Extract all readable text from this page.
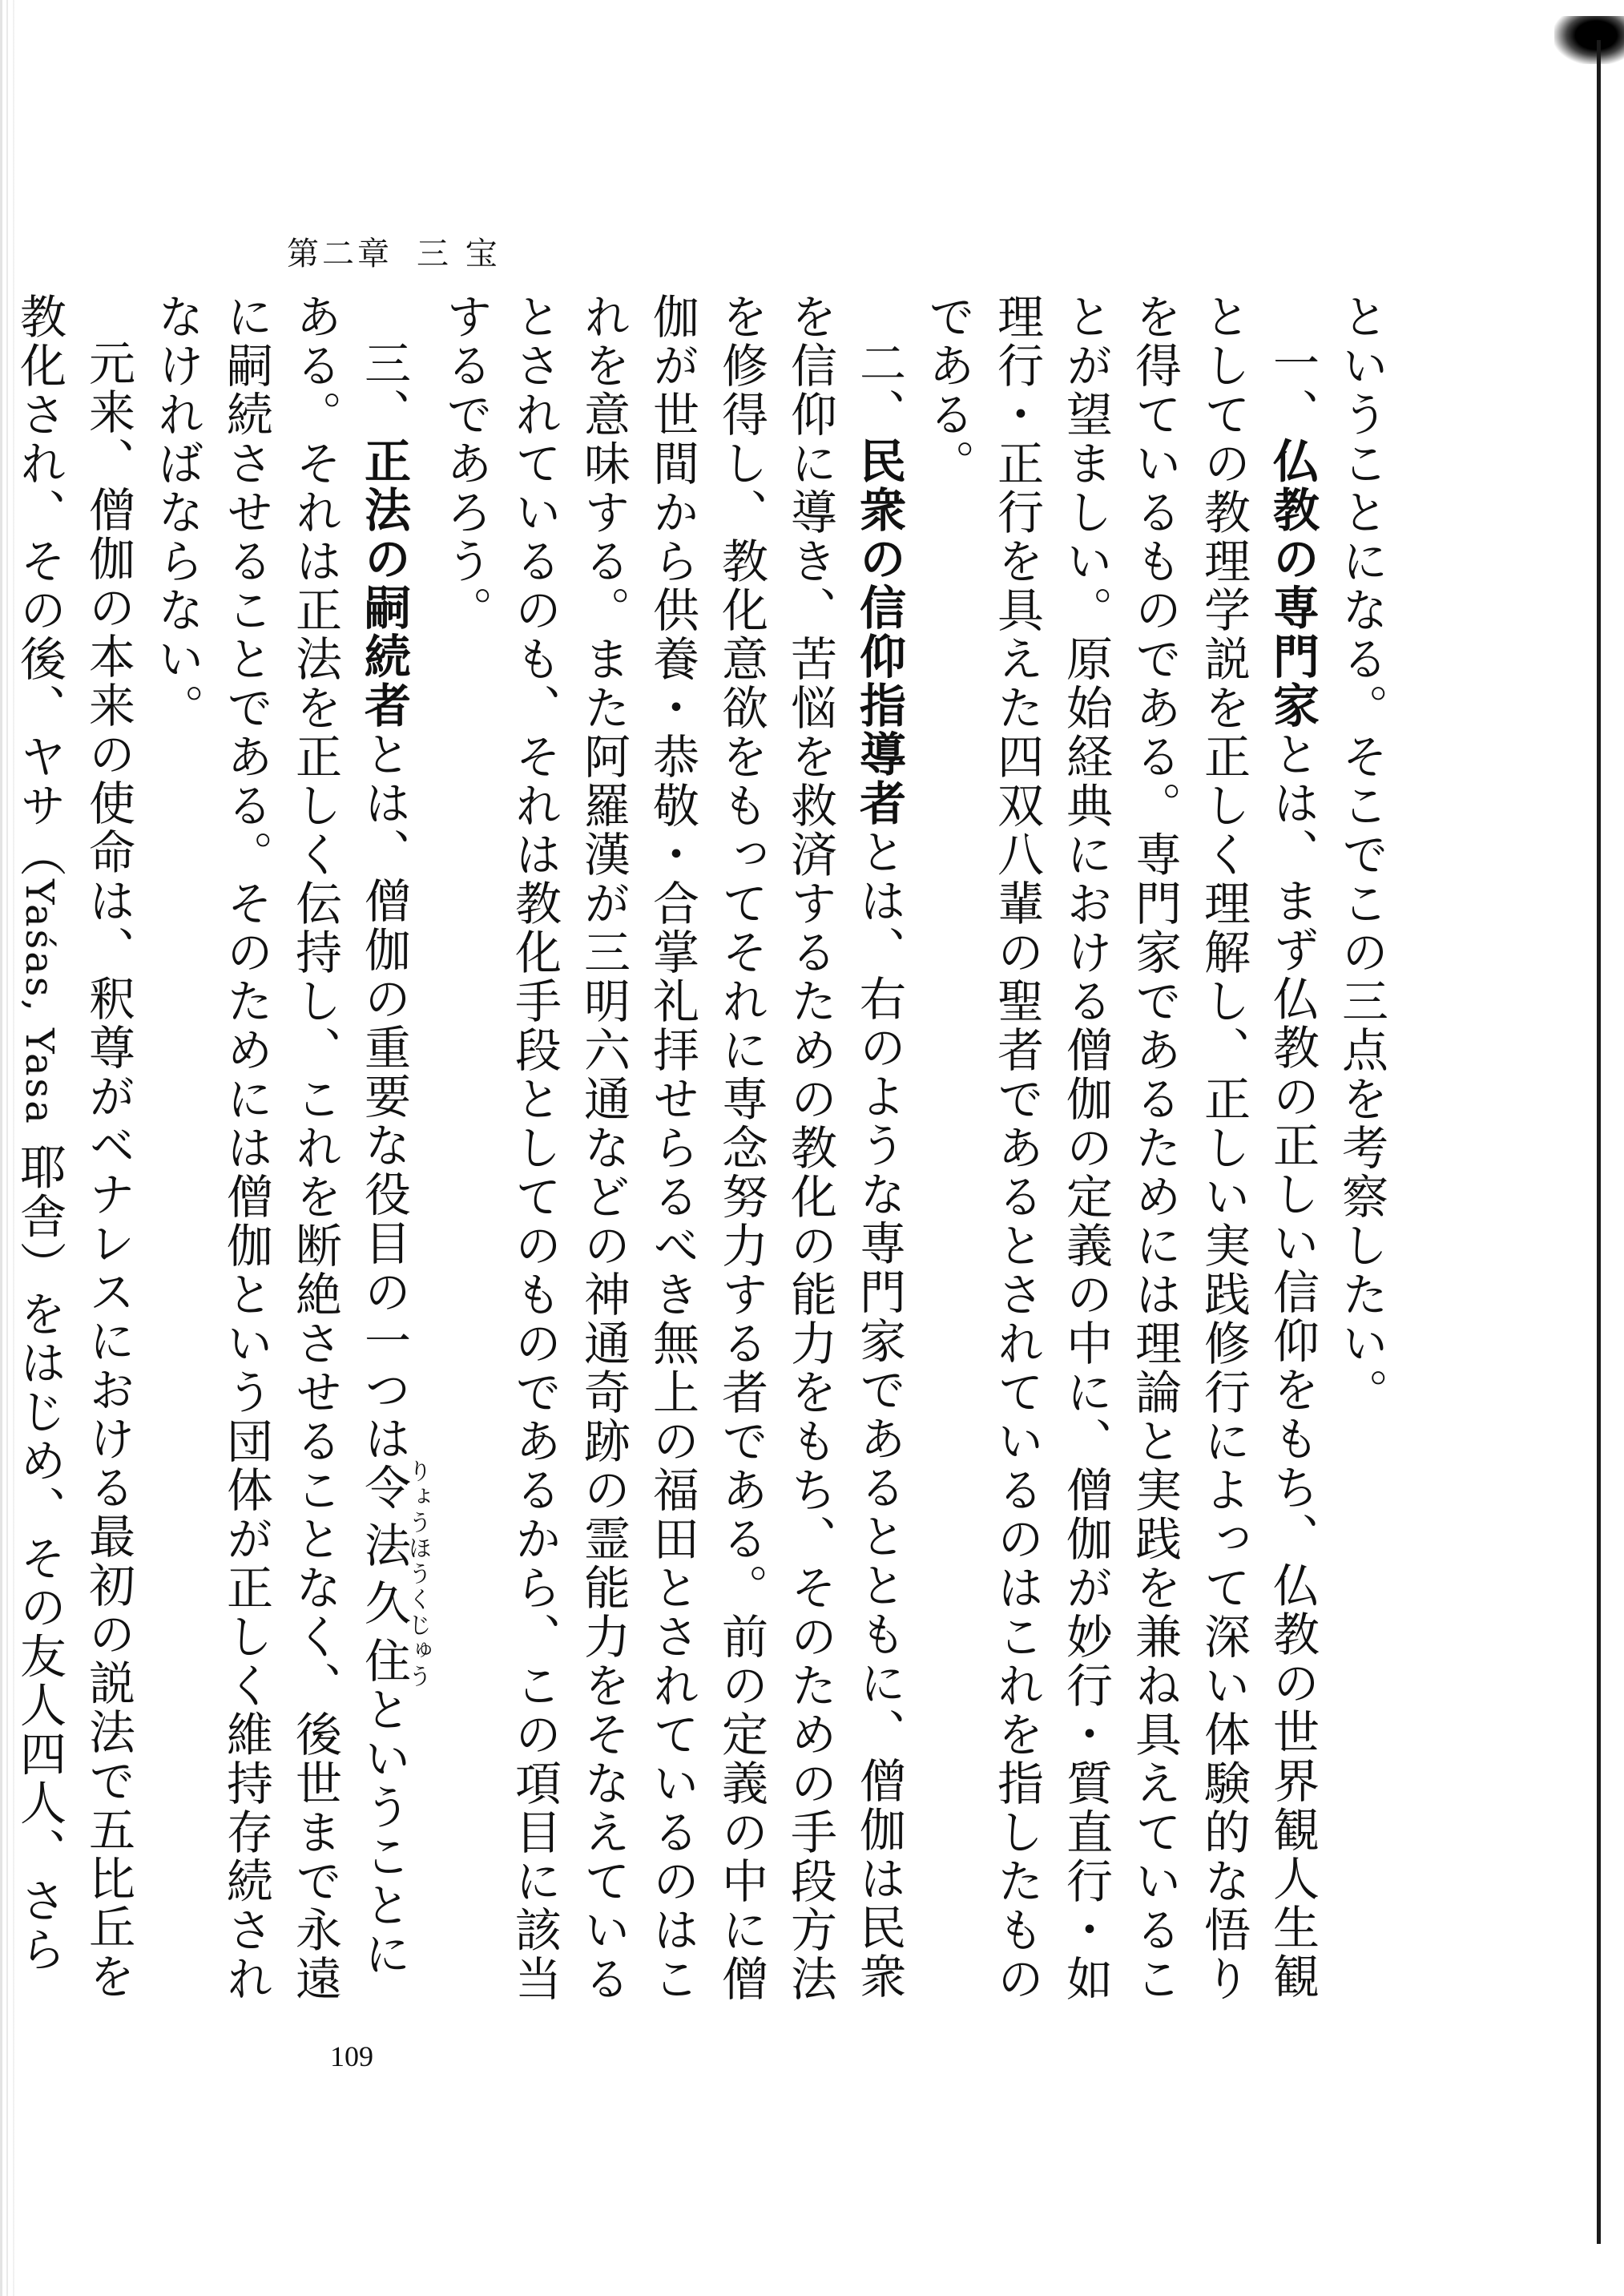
第二章 三 宝

ということになる。そこでこの三点を考察したい。

一、仏教の専門家とは、まず仏教の正しい信仰をもち、仏教の世界観人生観としての教理学説を正しく理解し、正しい実践修行によって深い体験的な悟りを得ているものである。専門家であるためには理論と実践を兼ね具えていることが望ましい。原始経典における僧伽の定義の中に、僧伽が妙行・質直行・如理行・正行を具えた四双八輩の聖者であるとされているのはこれを指したものである。

二、民衆の信仰指導者とは、右のような専門家であるとともに、僧伽は民衆を信仰に導き、苦悩を救済するための教化の能力をもち、そのための手段方法を修得し、教化意欲をもってそれに専念努力する者である。前の定義の中に僧伽が世間から供養・恭敬・合掌礼拝せらるべき無上の福田とされているのはこれを意味する。また阿羅漢が三明六通などの神通奇跡の霊能力をそなえているとされているのも、それは教化手段としてのものであるから、この項目に該当するであろう。

三、正法の嗣続者とは、僧伽の重要な役目の一つは令法久住りょうほうくじゅうということにある。それは正法を正しく伝持し、これを断絶させることなく、後世まで永遠に嗣続させることである。そのためには僧伽という団体が正しく維持存続されなければならない。

元来、僧伽の本来の使命は、釈尊がベナレスにおける最初の説法で五比丘を教化され、その後、ヤサ（Yaśas, Yasa 耶舎）をはじめ、その友人四人、さら

109
